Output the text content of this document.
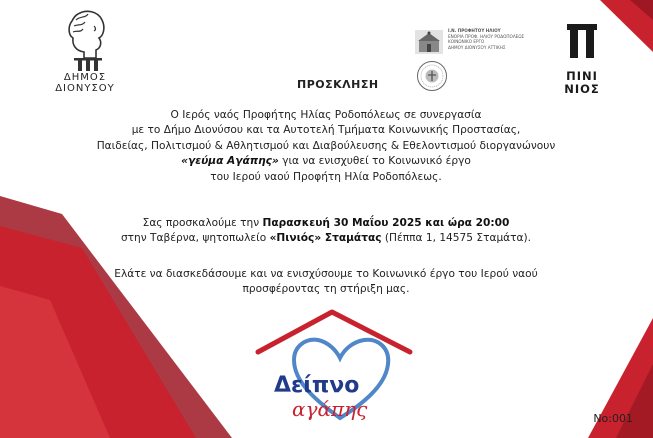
ΔΗΜΟΣ
ΔΙΟΝΥΣΟΥ	ΠΡΟΣΚΛΗΣΗ
Ι.Ν. ΠΡΟΦΗΤΟΥ ΗΛΙΟΥ
ΕΝΟΡΙΑ ΠΡΟΦ. ΗΛΙΟΥ ΡΟΔΟΠΟΛΕΩΣ
ΚΟΙΝΩΝΙΚΟ ΕΡΓΟ
ΔΗΜΟΥ ΔΙΟΝΥΣΟΥ ΑΤΤΙΚΗΣ
ΠΙΝΙ
ΝΙΟΣ
Ο Ιερός ναός Προφήτης Ηλίας Ροδοπόλεως σε συνεργασία
με το Δήμο Διονύσου και τα Αυτοτελή Τμήματα Κοινωνικής Προστασίας,
Παιδείας, Πολιτισμού & Αθλητισμού και Διαβούλευσης & Εθελοντισμού διοργανώνουν
«γεύμα Αγάπης» για να ενισχυθεί το Κοινωνικό έργο
του Ιερού ναού Προφήτη Ηλία Ροδοπόλεως.
Σας προσκαλούμε την Παρασκευή 30 Μαΐου 2025 και ώρα 20:00
στην Ταβέρνα, ψητοπωλείο «Πινιός» Σταμάτας (Πέππα 1, 14575 Σταμάτα).
Ελάτε να διασκεδάσουμε και να ενισχύσουμε το Κοινωνικό έργο του Ιερού ναού
προσφέροντας τη στήριξη μας.
Δείπνο
αγάπης	No:001
